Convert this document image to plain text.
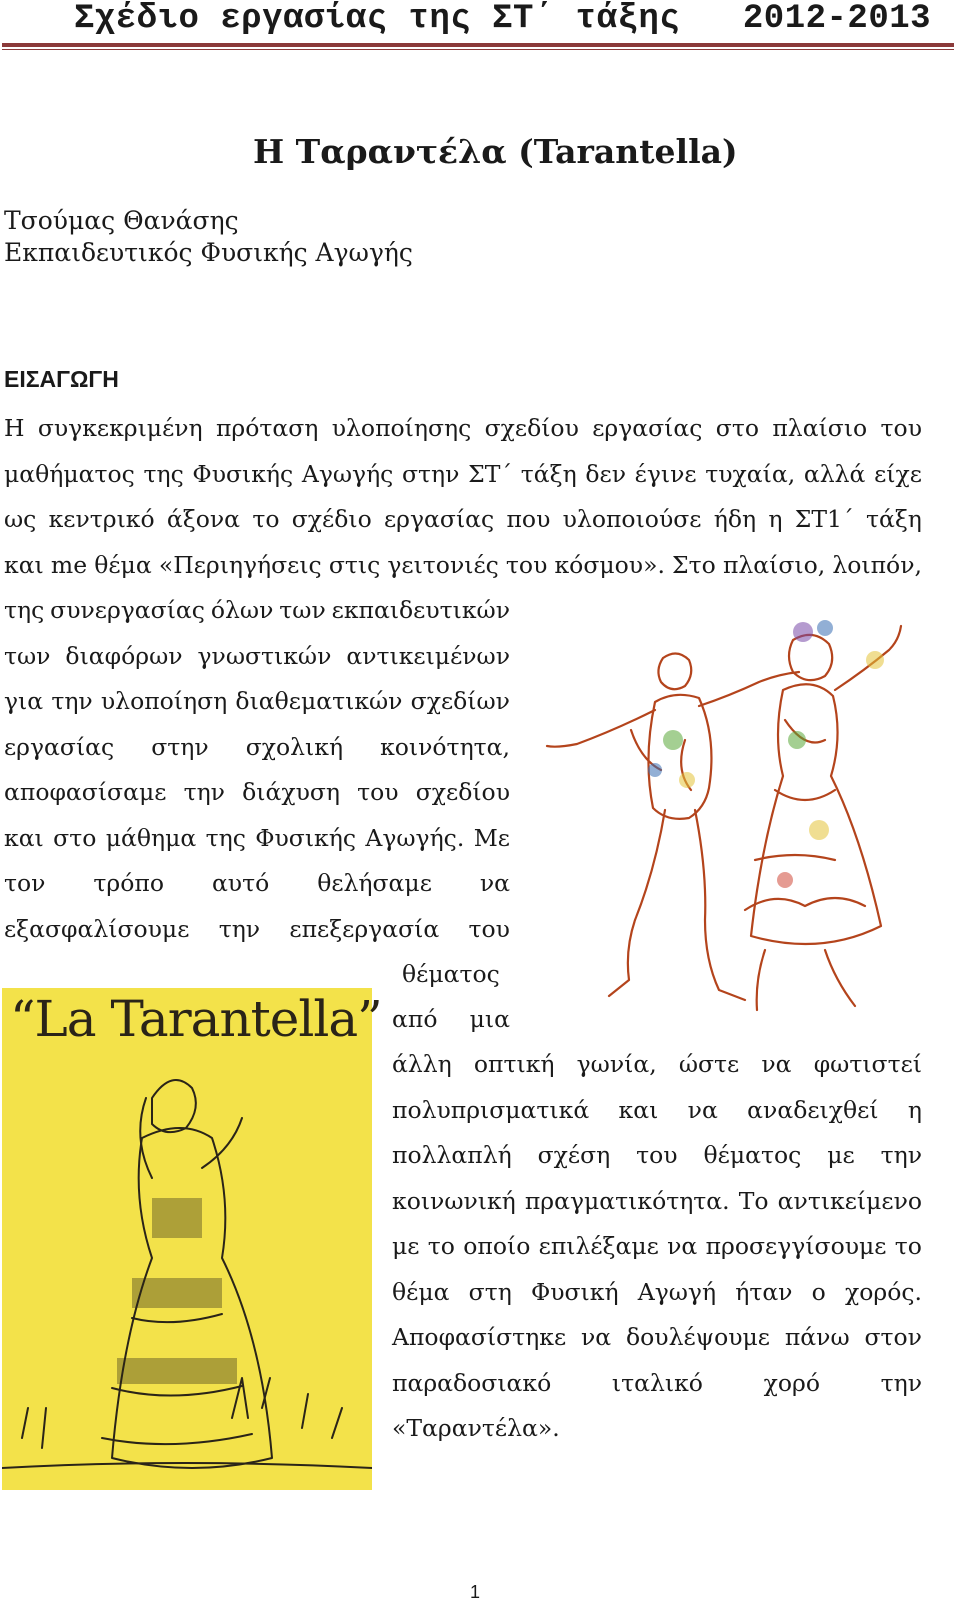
Σχέδιο εργασίας της ΣΤ΄ τάξης   2012-2013
Η Ταραντέλα (Tarantella)
Τσούμας Θανάσης
Εκπαιδευτικός Φυσικής Αγωγής
ΕΙΣΑΓΩΓΗ
Η συγκεκριμένη πρόταση υλοποίησης σχεδίου εργασίας στο πλαίσιο του
μαθήματος της Φυσικής Αγωγής στην ΣΤ΄ τάξη δεν έγινε τυχαία, αλλά είχε
ως κεντρικό άξονα το σχέδιο εργασίας που υλοποιούσε ήδη η ΣΤ1΄ τάξη
και me θέμα «Περιηγήσεις στις γειτονιές του κόσμου». Στο πλαίσιο, λοιπόν,
της συνεργασίας όλων των εκπαιδευτικών
των διαφόρων γνωστικών αντικειμένων
για την υλοποίηση διαθεματικών σχεδίων
εργασίας στην σχολική κοινότητα,
αποφασίσαμε την διάχυση του σχεδίου
και στο μάθημα της Φυσικής Αγωγής. Με
τον τρόπο αυτό θελήσαμε να
εξασφαλίσουμε την επεξεργασία του
θέματος
από μια
άλλη οπτική γωνία, ώστε να φωτιστεί
πολυπρισματικά και να αναδειχθεί η
πολλαπλή σχέση του θέματος με την
κοινωνική πραγματικότητα. Το αντικείμενο
με το οποίο επιλέξαμε να προσεγγίσουμε το
θέμα στη Φυσική Αγωγή ήταν ο χορός.
Αποφασίστηκε να δουλέψουμε πάνω στον
παραδοσιακό	ιταλικό	χορό	την
«Ταραντέλα».
“La Tarantella”
1
